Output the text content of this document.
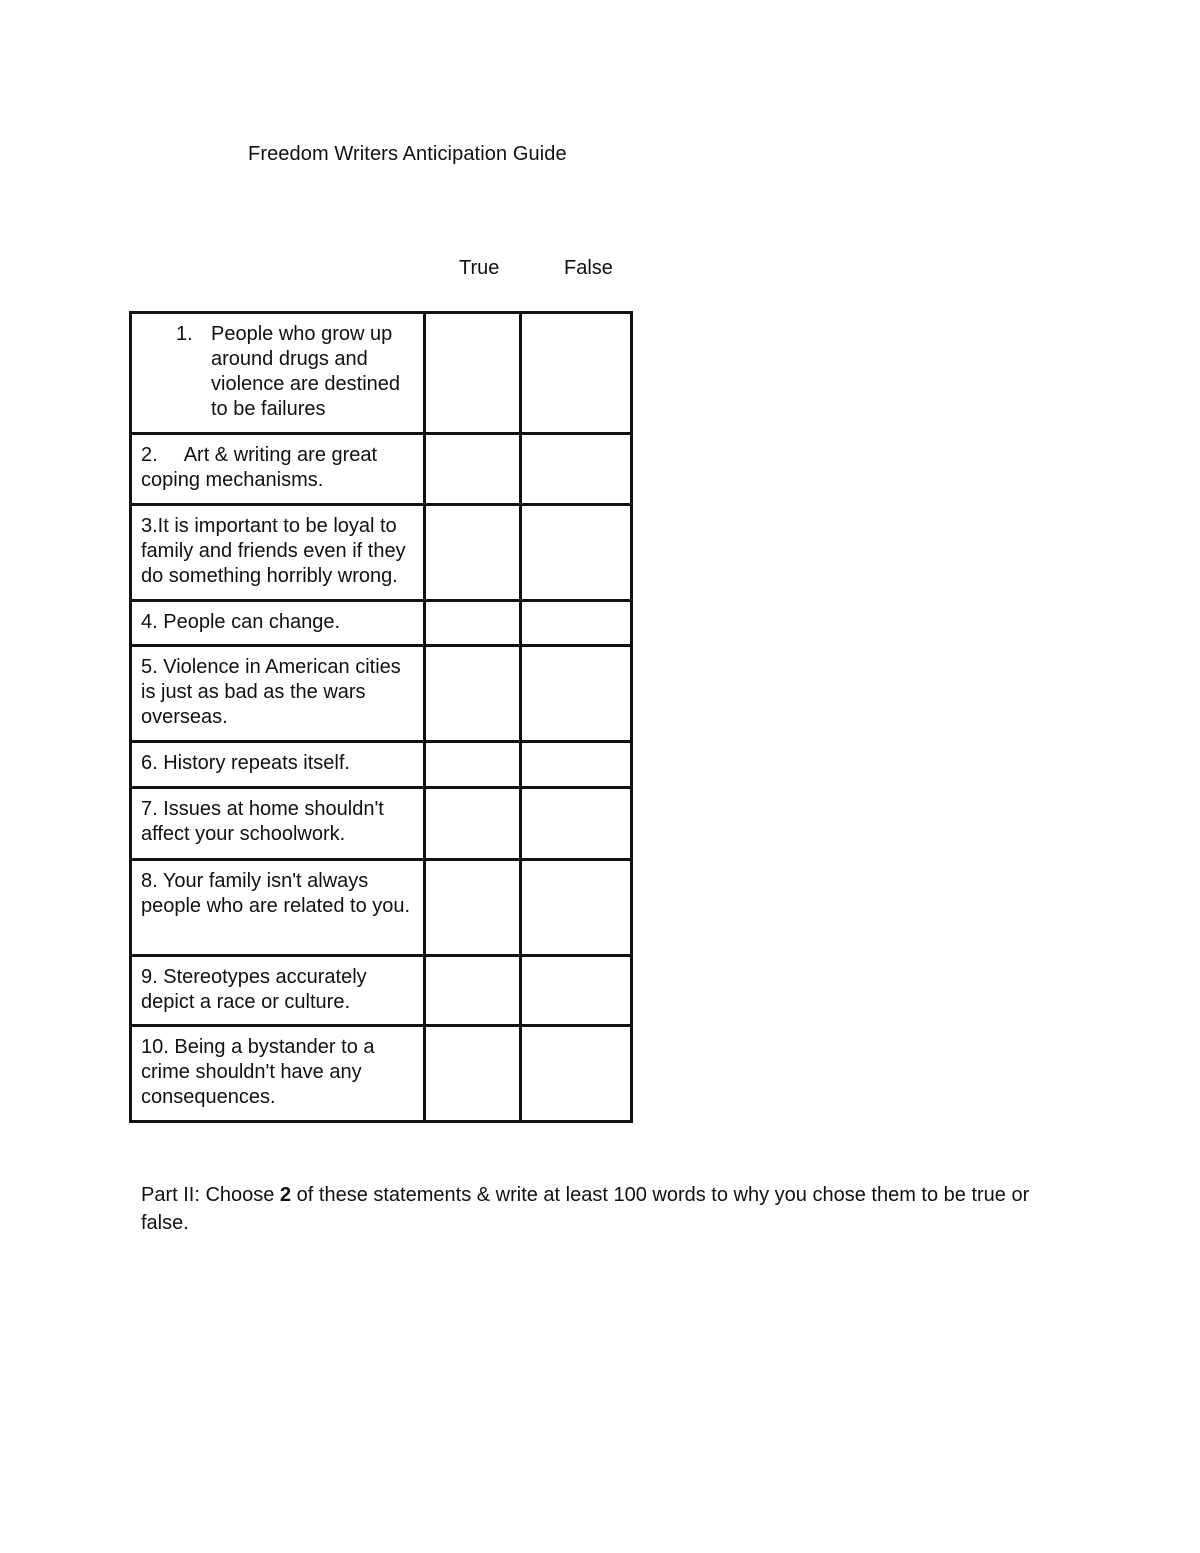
Freedom Writers Anticipation Guide
True	False
1. People who grow up around drugs and violence are destined to be failures		

2. Art & writing are great coping mechanisms.		
3.It is important to be loyal to family and friends even if they do something horribly wrong.		
4. People can change.		
5. Violence in American cities is just as bad as the wars overseas.		
6. History repeats itself.		
7. Issues at home shouldn't affect your schoolwork.		
8. Your family isn't always people who are related to you.		
9. Stereotypes accurately depict a race or culture.		
10. Being a bystander to a crime shouldn't have any consequences.		
Part II: Choose 2 of these statements & write at least 100 words to why you chose them to be true or false.
